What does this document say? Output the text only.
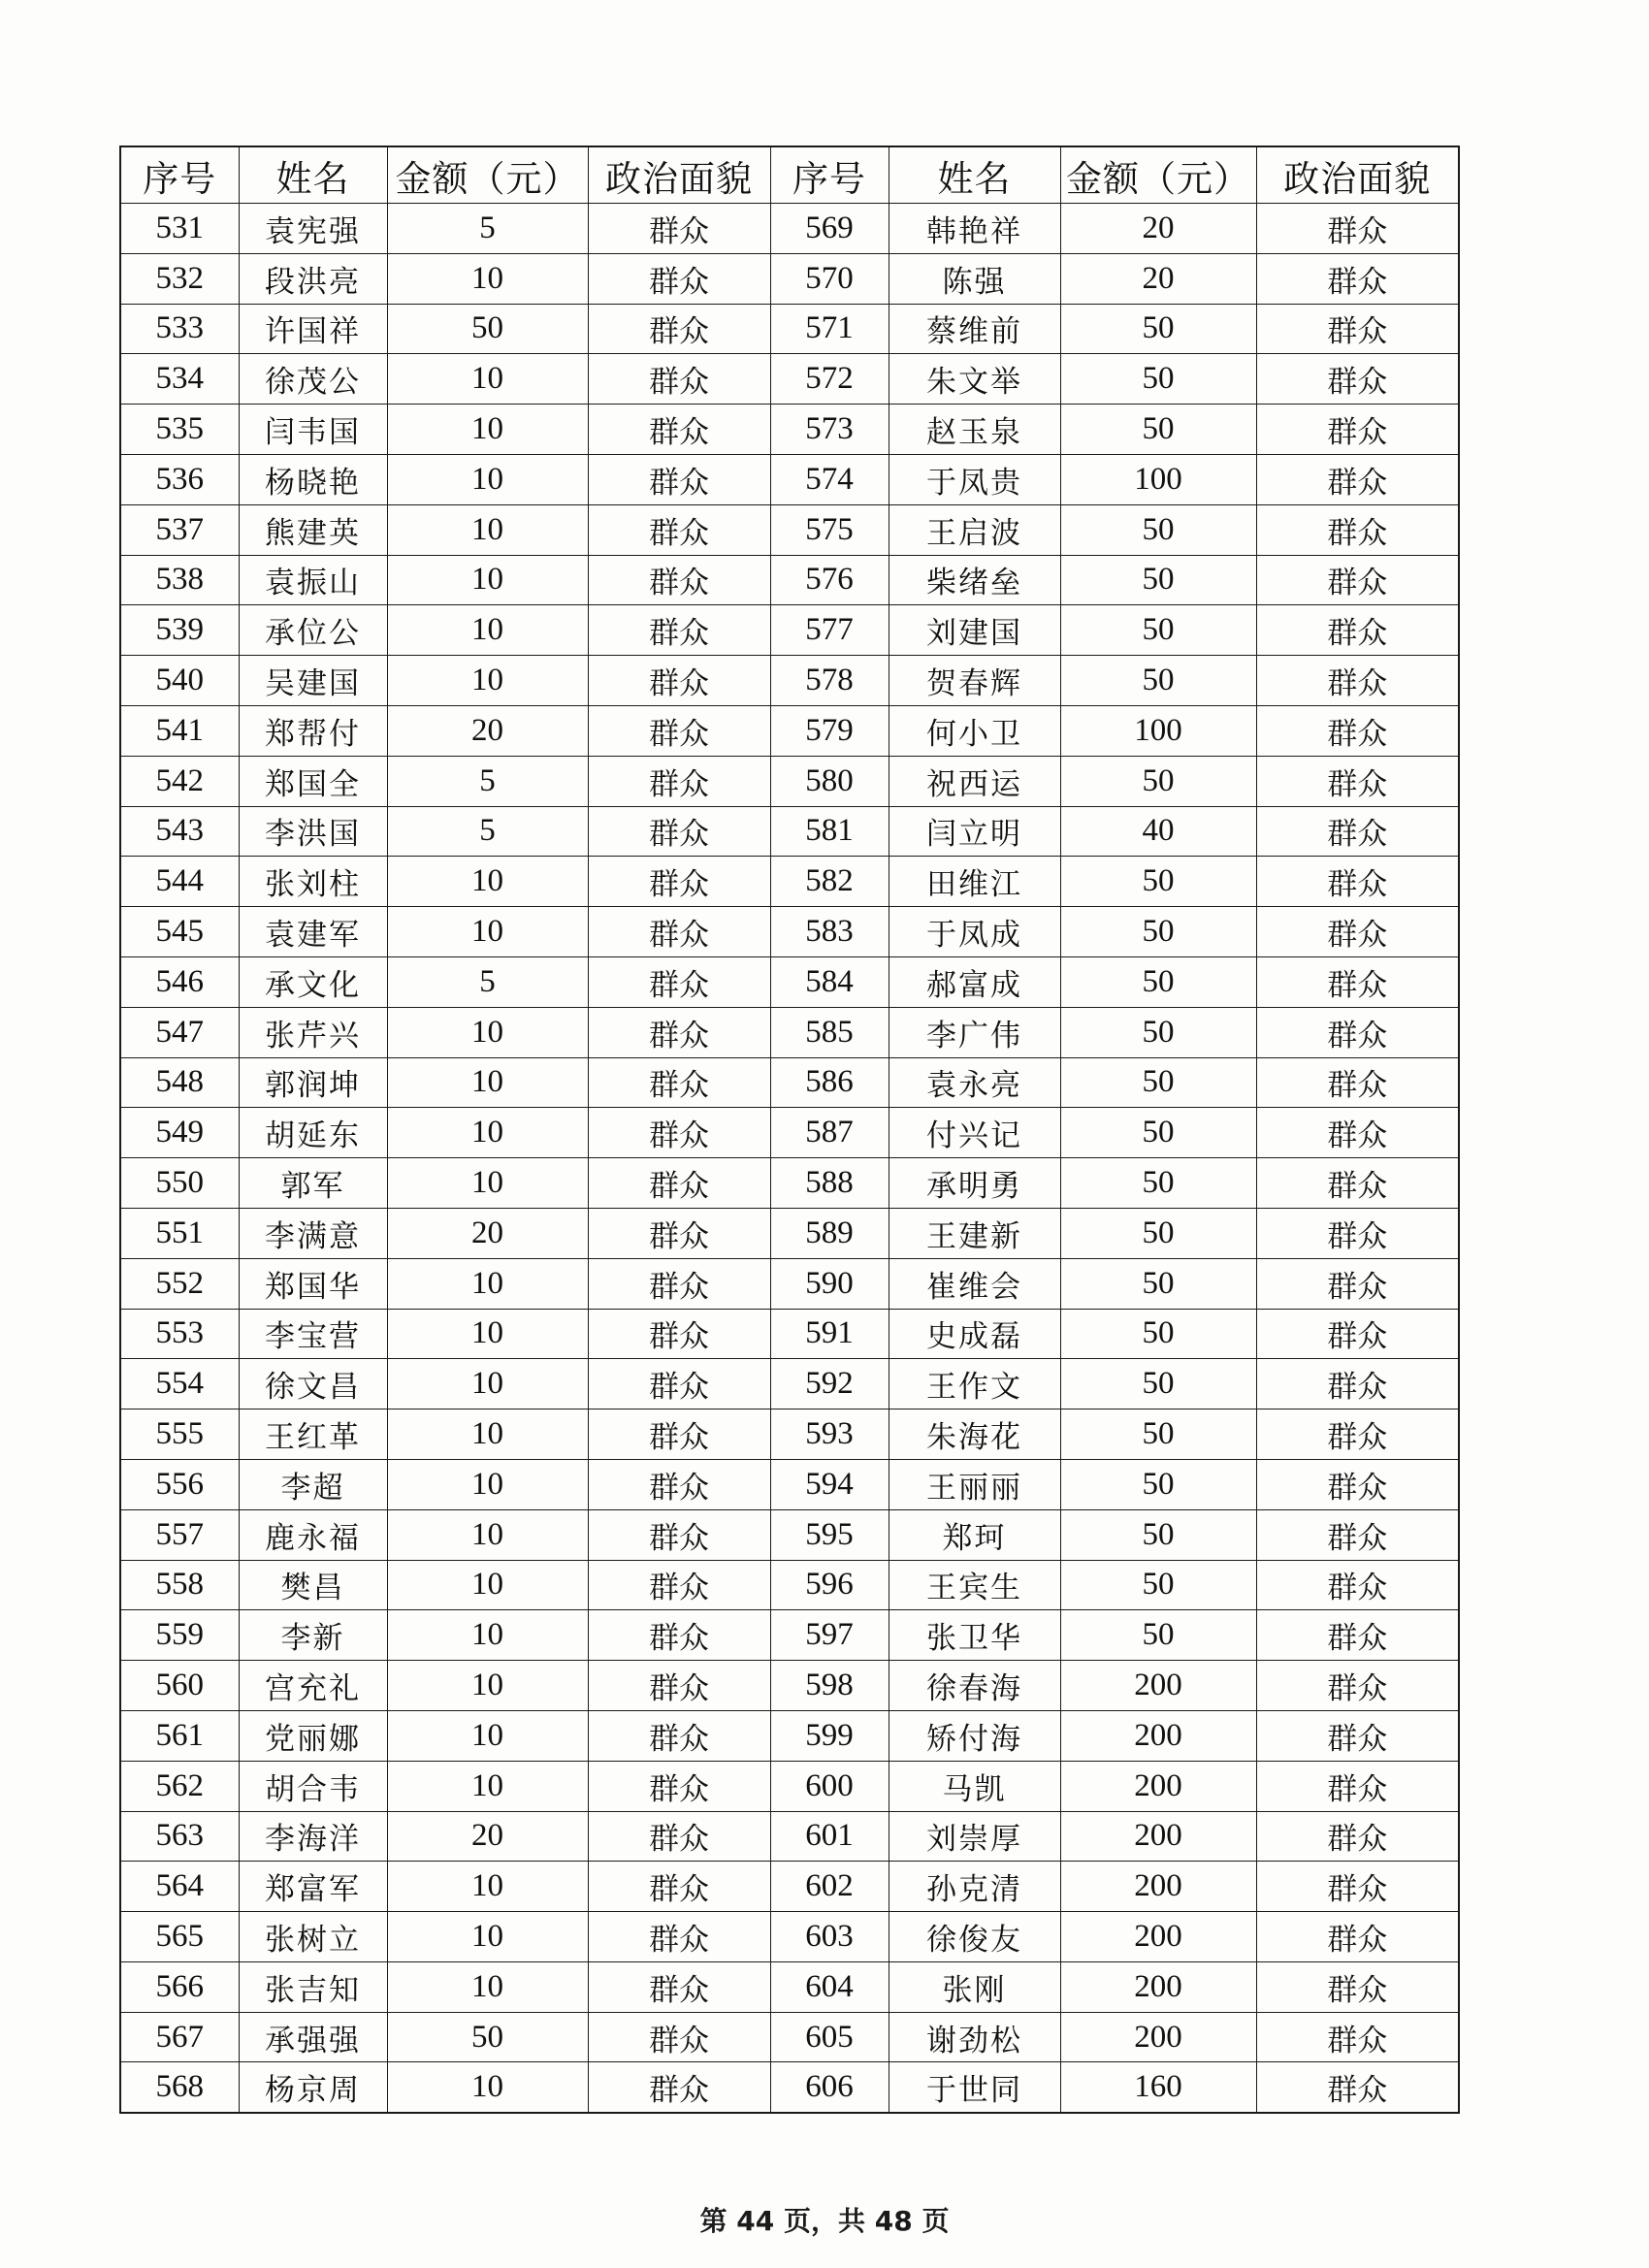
序号	姓名	金额（元）	政治面貌	序号	姓名	金额（元）	政治面貌
531	袁宪强	5	群众	569	韩艳祥	20	群众
532	段洪亮	10	群众	570	陈强	20	群众
533	许国祥	50	群众	571	蔡维前	50	群众
534	徐茂公	10	群众	572	朱文举	50	群众
535	闫韦国	10	群众	573	赵玉泉	50	群众
536	杨晓艳	10	群众	574	于凤贵	100	群众
537	熊建英	10	群众	575	王启波	50	群众
538	袁振山	10	群众	576	柴绪垒	50	群众
539	承位公	10	群众	577	刘建国	50	群众
540	吴建国	10	群众	578	贺春辉	50	群众
541	郑帮付	20	群众	579	何小卫	100	群众
542	郑国全	5	群众	580	祝西运	50	群众
543	李洪国	5	群众	581	闫立明	40	群众
544	张刘柱	10	群众	582	田维江	50	群众
545	袁建军	10	群众	583	于凤成	50	群众
546	承文化	5	群众	584	郝富成	50	群众
547	张芹兴	10	群众	585	李广伟	50	群众
548	郭润坤	10	群众	586	袁永亮	50	群众
549	胡延东	10	群众	587	付兴记	50	群众
550	郭军	10	群众	588	承明勇	50	群众
551	李满意	20	群众	589	王建新	50	群众
552	郑国华	10	群众	590	崔维会	50	群众
553	李宝营	10	群众	591	史成磊	50	群众
554	徐文昌	10	群众	592	王作文	50	群众
555	王红革	10	群众	593	朱海花	50	群众
556	李超	10	群众	594	王丽丽	50	群众
557	鹿永福	10	群众	595	郑珂	50	群众
558	樊昌	10	群众	596	王宾生	50	群众
559	李新	10	群众	597	张卫华	50	群众
560	宫充礼	10	群众	598	徐春海	200	群众
561	党丽娜	10	群众	599	矫付海	200	群众
562	胡合韦	10	群众	600	马凯	200	群众
563	李海洋	20	群众	601	刘崇厚	200	群众
564	郑富军	10	群众	602	孙克清	200	群众
565	张树立	10	群众	603	徐俊友	200	群众
566	张吉知	10	群众	604	张刚	200	群众
567	承强强	50	群众	605	谢劲松	200	群众
568	杨京周	10	群众	606	于世同	160	群众
第 44 页，共 48 页
